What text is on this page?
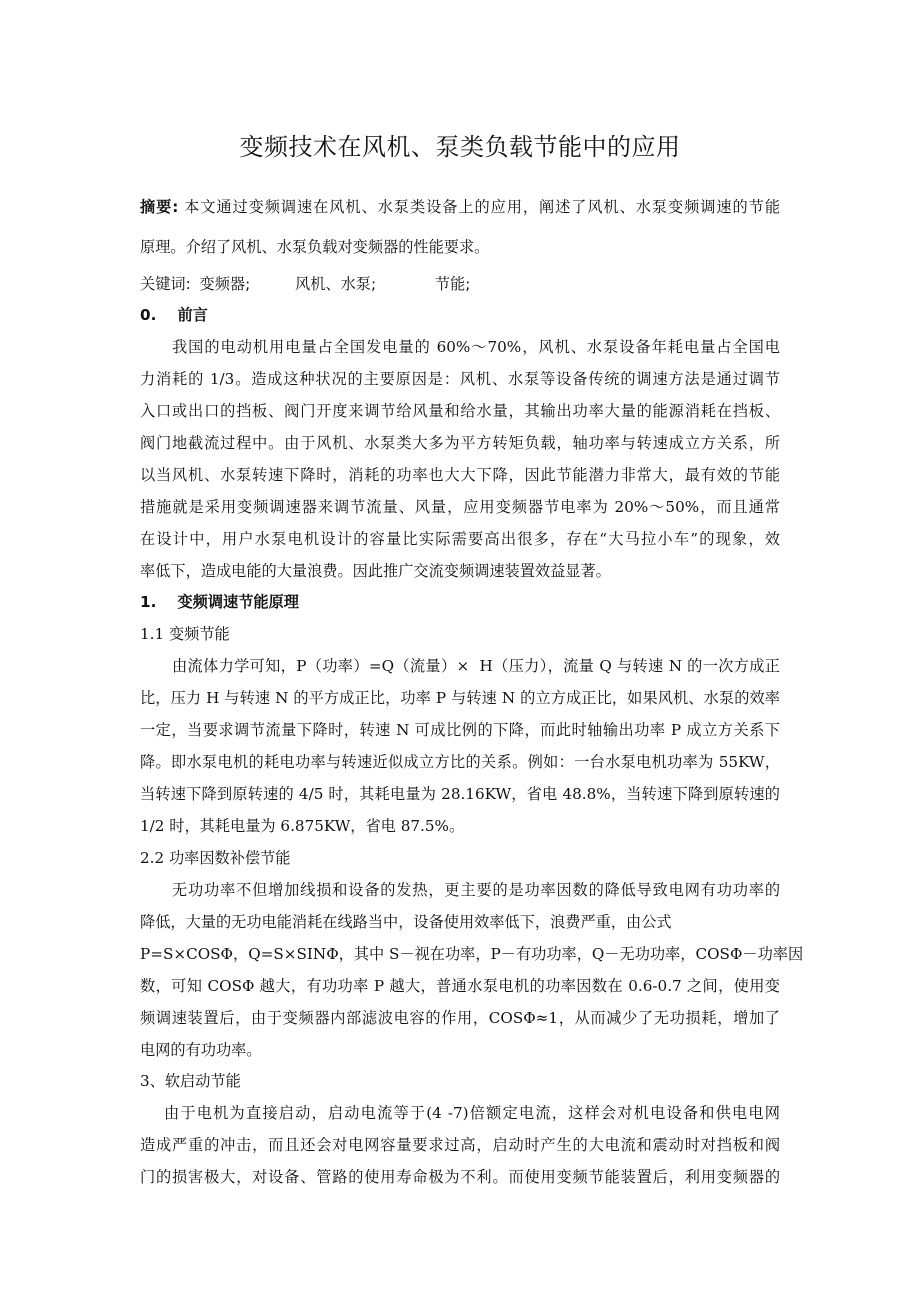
变频技术在风机、泵类负载节能中的应用
摘要: 本文通过变频调速在风机、水泵类设备上的应用，阐述了风机、水泵变频调速的节能
原理。介绍了风机、水泵负载对变频器的性能要求。
关键词: 变频器;	风机、水泵;	节能;
0.    前言
我国的电动机用电量占全国发电量的 60%～70%，风机、水泵设备年耗电量占全国电
力消耗的 1/3。造成这种状况的主要原因是：风机、水泵等设备传统的调速方法是通过调节
入口或出口的挡板、阀门开度来调节给风量和给水量，其输出功率大量的能源消耗在挡板、
阀门地截流过程中。由于风机、水泵类大多为平方转矩负载，轴功率与转速成立方关系，所
以当风机、水泵转速下降时，消耗的功率也大大下降，因此节能潜力非常大，最有效的节能
措施就是采用变频调速器来调节流量、风量，应用变频器节电率为 20%～50%，而且通常
在设计中，用户水泵电机设计的容量比实际需要高出很多，存在“大马拉小车”的现象，效
率低下，造成电能的大量浪费。因此推广交流变频调速装置效益显著。
1.    变频调速节能原理
1.1 变频节能
由流体力学可知，P（功率）=Q（流量）×  H（压力），流量 Q 与转速 N 的一次方成正
比，压力 H 与转速 N 的平方成正比，功率 P 与转速 N 的立方成正比，如果风机、水泵的效率
一定，当要求调节流量下降时，转速 N 可成比例的下降，而此时轴输出功率 P 成立方关系下
降。即水泵电机的耗电功率与转速近似成立方比的关系。例如：一台水泵电机功率为 55KW，
当转速下降到原转速的 4/5 时，其耗电量为 28.16KW，省电 48.8%，当转速下降到原转速的
1/2 时，其耗电量为 6.875KW，省电 87.5%。
2.2 功率因数补偿节能
无功功率不但增加线损和设备的发热，更主要的是功率因数的降低导致电网有功功率的
降低，大量的无功电能消耗在线路当中，设备使用效率低下，浪费严重，由公式
P=S×COSΦ，Q=S×SINΦ，其中 S－视在功率，P－有功功率，Q－无功功率，COSΦ－功率因
数，可知 COSΦ 越大，有功功率 P 越大，普通水泵电机的功率因数在 0.6-0.7 之间，使用变
频调速装置后，由于变频器内部滤波电容的作用，COSΦ≈1，从而减少了无功损耗，增加了
电网的有功功率。
3、软启动节能
由于电机为直接启动，启动电流等于(4 -7)倍额定电流，这样会对机电设备和供电电网
造成严重的冲击，而且还会对电网容量要求过高，启动时产生的大电流和震动时对挡板和阀
门的损害极大，对设备、管路的使用寿命极为不利。而使用变频节能装置后，利用变频器的
